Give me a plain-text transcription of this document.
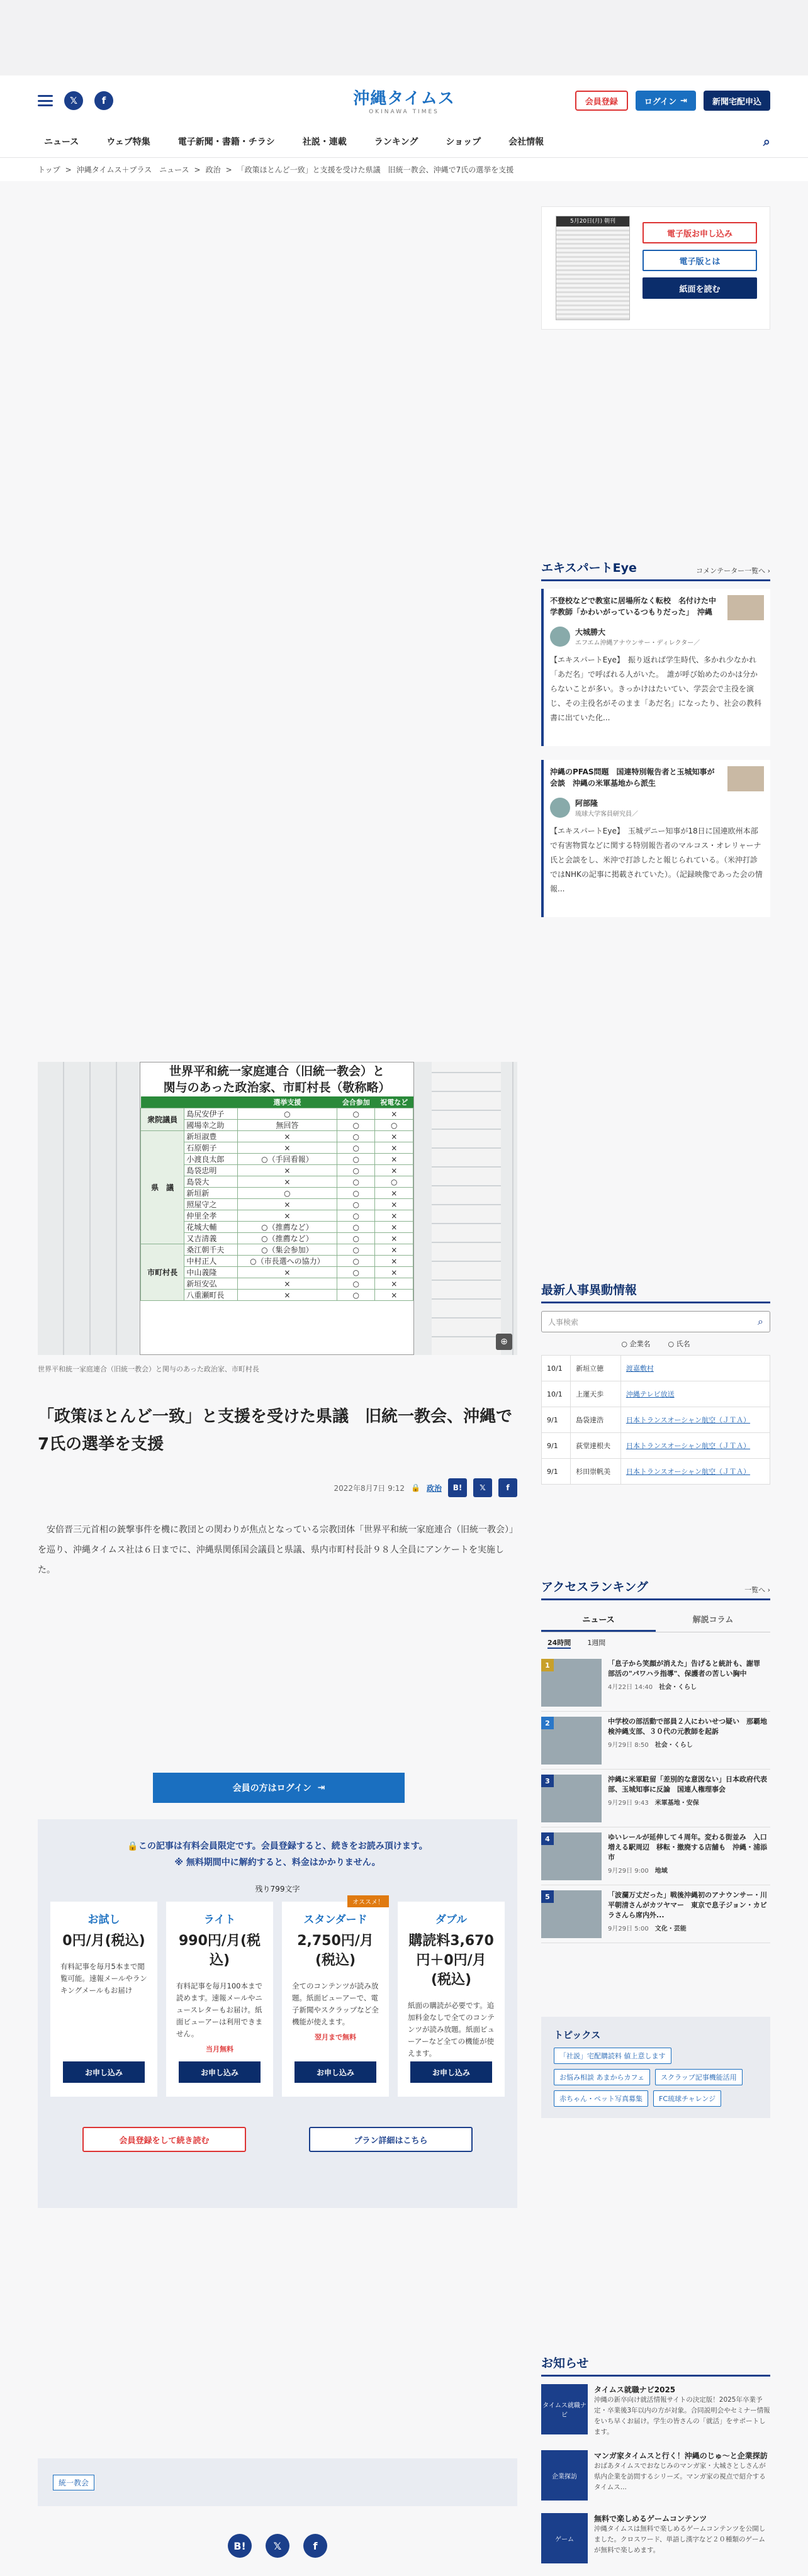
𝕏	f	沖縄タイムス
OKINAWA TIMES
会員登録	ログイン ⇥	新聞宅配申込
ニュース	ウェブ特集	電子新聞・書籍・チラシ	社説・連載	ランキング	ショップ	会社情報	⌕
トップ > 沖縄タイムス＋プラス　ニュース > 政治 > 「政策ほとんど一致」と支援を受けた県議　旧統一教会、沖縄で7氏の選挙を支援
世界平和統一家庭連合（旧統一教会）と
関与のあった政治家、市町村長（敬称略）
		選挙支援	会合参加	祝電など
衆院議員	島尻安伊子	○	○	×
	國場幸之助	無回答	○	○
県　議	新垣淑豊	×	○	×
	石原朝子	×	○	×
	小渡良太郎	○（手回看報）	○	×
	島袋忠明	×	○	×
	島袋大	×	○	○
	新垣新	○	○	×
	照屋守之	×	○	×
	仲里全孝	×	○	×
	花城大輔	○（推薦など）	○	×
	又吉清義	○（推薦など）	○	×
市町村長	桑江朝千夫	○（集会参加）	○	×
	中村正人	○（市長選への協力）	○	×
	中山義隆	×	○	×
	新垣安弘	×	○	×
	八重瀬町長	×	○	×
⊕
世界平和統一家庭連合（旧統一教会）と関与のあった政治家、市町村長
「政策ほとんど一致」と支援を受けた県議　旧統一教会、沖縄で7氏の選挙を支援
2022年8月7日 9:12 🔒 政治	B!	𝕏	f

　安倍晋三元首相の銃撃事件を機に教団との関わりが焦点となっている宗教団体「世界平和統一家庭連合（旧統一教会）」を巡り、沖縄タイムス社は６日までに、沖縄県関係国会議員と県議、県内市町村長計９８人全員にアンケートを実施した。

会員の方はログイン
⇥
🔒この記事は有料会員限定です。会員登録すると、続きをお読み頂けます。
※ 無料期間中に解約すると、料金はかかりません。
残り799文字
お試し
0円/月(税込)
有料記事を毎月5本まで閲覧可能。速報メールやランキングメールもお届け
お申し込み
ライト
990円/月(税込)
有料記事を毎月100本まで読めます。速報メールやニュースレターもお届け。紙面ビューアーは利用できません。
当月無料
お申し込み
オススメ！
スタンダード
2,750円/月(税込)
全てのコンテンツが読み放題。紙面ビューアーで、電子新聞やスクラップなど全機能が使えます。
翌月まで無料
お申し込み
ダブル
購読料3,670円＋0円/月(税込)
紙面の購読が必要です。追加料金なしで全てのコンテンツが読み放題。紙面ビューアーなど全ての機能が使えます。
お申し込み
会員登録をして続き読む	プラン詳細はこちら
統一教会
B!	𝕏	f
5月20日(月) 朝刊
電子版お申し込み
電子版とは
紙面を読む
エキスパートEye	コメンテーター一覧へ ›
不登校などで教室に居場所なく転校　名付けた中学教師「かわいがっているつもりだった」　沖縄
大城勝大
エフエム沖縄アナウンサー・ディレクター／
【エキスパートEye】　振り返れば学生時代、多かれ少なかれ「あだ名」で呼ばれる人がいた。　誰が呼び始めたのかは分からないことが多い。きっかけはたいてい、学芸会で主役を演じ、その主役名がそのまま「あだ名」になったり、社会の教科書に出ていた化...
沖縄のPFAS問題　国連特別報告者と玉城知事が会談　沖縄の米軍基地から派生
阿部隆
琉球大学客員研究員／
【エキスパートEye】　玉城デニー知事が18日に国連欧州本部で有害物質などに関する特別報告者のマルコス・オレリャーナ氏と会談をし、米沖で打診したと報じられている。（米沖打診ではNHKの記事に掲載されていた）。（記録映像であった会の情報...
最新人事異動情報
人事検索	⌕
○ 企業名	○ 氏名
10/1	新垣立徳	渡嘉敷村
10/1	上運天歩	沖縄テレビ放送
9/1	島袋達浩	日本トランスオーシャン航空（ＪＴＡ）
9/1	荻堂達根夫	日本トランスオーシャン航空（ＪＴＡ）
9/1	杉田崇帆美	日本トランスオーシャン航空（ＪＴＡ）
アクセスランキング	一覧へ ›
ニュース	解説コラム
24時間 1週間
1	「息子から笑顔が消えた」告げると統計も、謝罪　部活の"パワハラ指導"、保護者の苦しい胸中
4月22日 14:40　 社会・くらし
2	中学校の部活動で部員２人にわいせつ疑い　那覇地検沖縄支部、３０代の元教師を起訴
9月29日 8:50　 社会・くらし
3	沖縄に米軍駐留「差別的な意図ない」日本政府代表部、玉城知事に反論　国連人権理事会
9月29日 9:43　 米軍基地・安保
4	ゆいレールが延伸して４周年。変わる街並み　入口増える駅周辺　移転・撤廃する店舗も　沖縄・浦添市
9月29日 9:00　 地域
5	「波瀾万丈だった」戦後沖縄初のアナウンサー・川平朝清さんがカツヤマー　東京で息子ジョン・カビラさんら席内外...
9月29日 5:00　 文化・芸能
トピックス
「社説」宅配購読料 値上意します
お悩み相談 あまからカフェ	スクラップ記事機能活用
赤ちゃん・ペット写真募集	FC琉球チャレンジ
お知らせ
タイムス就職ナビ
タイムス就職ナビ2025
沖縄の新卒向け就活情報サイトの決定版！2025年卒業予定・卒業後3年以内の方が対象。合同説明会やセミナー情報をいち早くお届け。学生の皆さんの「就活」をサポートします。
企業探訪
マンガ家タイムスと行く！沖縄のじゅ〜と企業探訪
おばあタイムスでおなじみのマンガ家・大城さとしさんが県内企業を訪問するシリーズ。マンガ家の視点で紹介するタイムス...
ゲーム
無料で楽しめるゲームコンテンツ
沖縄タイムスは無料で楽しめるゲームコンテンツを公開しました。クロスワード、単語し漢字など２０種類のゲームが無料で楽しめます。
